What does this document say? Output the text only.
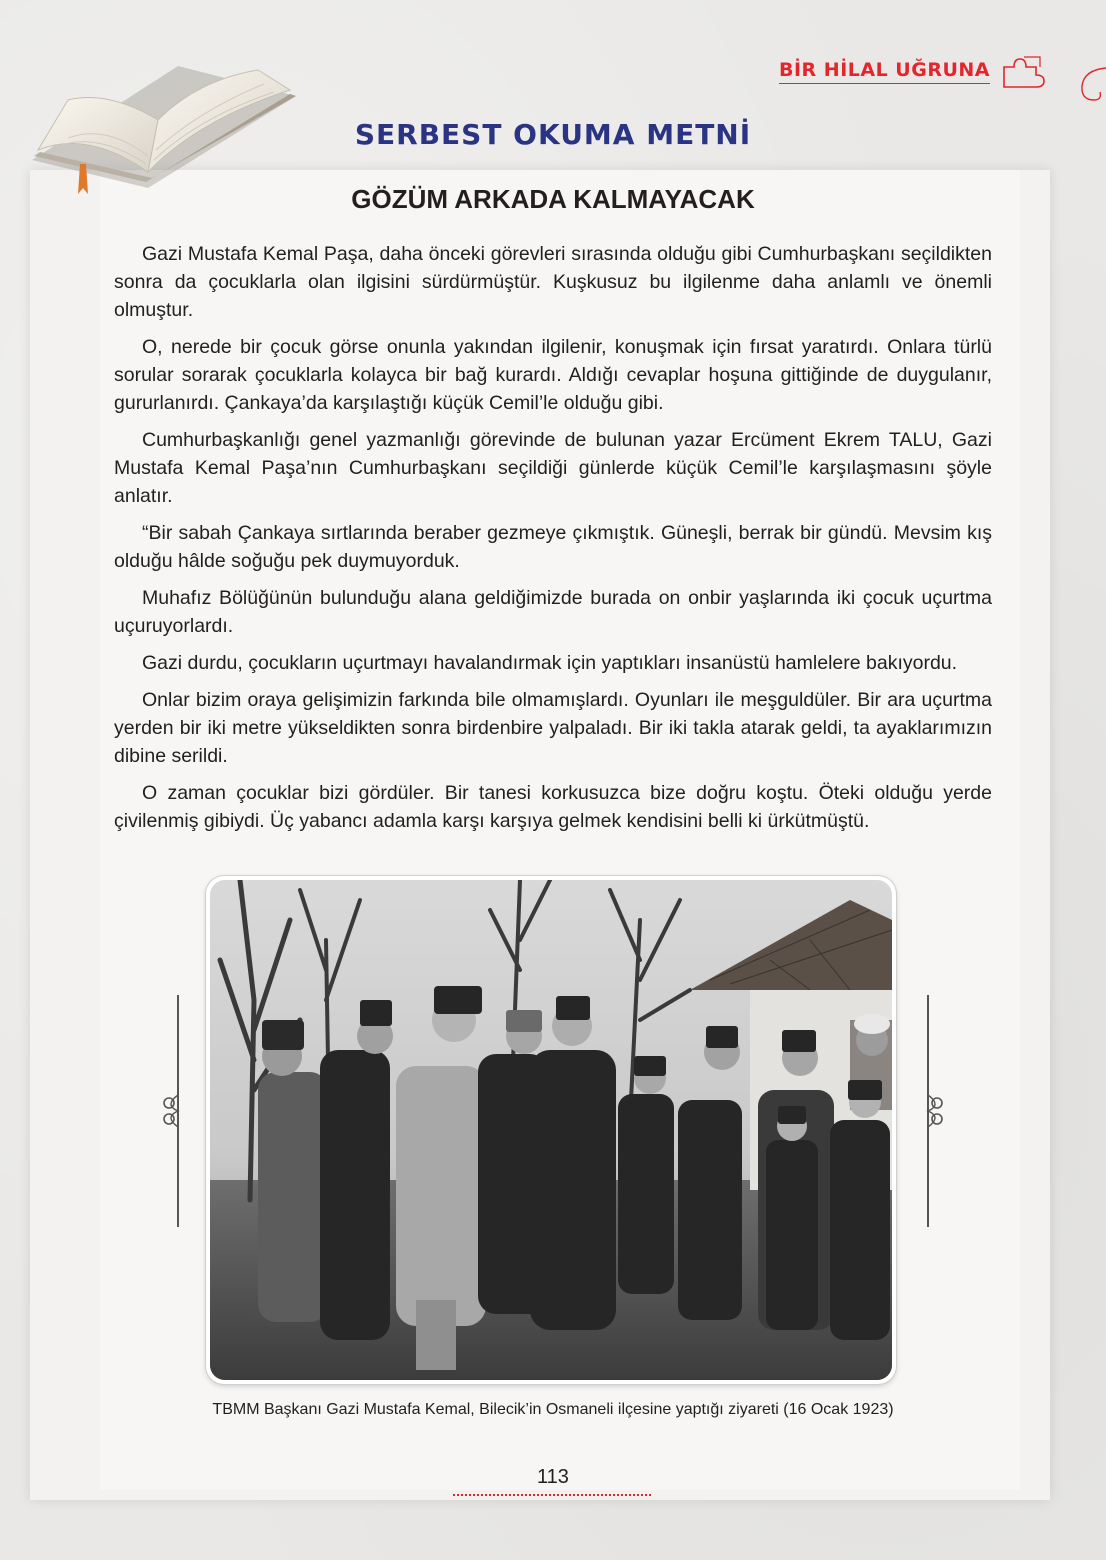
BİR HİLAL UĞRUNA
SERBEST OKUMA METNİ
GÖZÜM ARKADA KALMAYACAK

Gazi Mustafa Kemal Paşa, daha önceki görevleri sırasında olduğu gibi Cumhurbaşkanı seçildikten sonra da çocuklarla olan ilgisini sürdürmüştür. Kuşkusuz bu ilgilenme daha anlamlı ve önemli olmuştur.

O, nerede bir çocuk görse onunla yakından ilgilenir, konuşmak için fırsat yaratırdı. Onlara türlü sorular sorarak çocuklarla kolayca bir bağ kurardı. Aldığı cevaplar hoşuna gittiğinde de duygulanır, gururlanırdı. Çankaya’da karşılaştığı küçük Cemil’le olduğu gibi.

Cumhurbaşkanlığı genel yazmanlığı görevinde de bulunan yazar Ercüment Ekrem TALU, Gazi Mustafa Kemal Paşa’nın Cumhurbaşkanı seçildiği günlerde küçük Cemil’le karşılaşmasını şöyle anlatır.

“Bir sabah Çankaya sırtlarında beraber gezmeye çıkmıştık. Güneşli, berrak bir gündü. Mevsim kış olduğu hâlde soğuğu pek duymuyorduk.

Muhafız Bölüğünün bulunduğu alana geldiğimizde burada on onbir yaşlarında iki çocuk uçurtma uçuruyorlardı.

Gazi durdu, çocukların uçurtmayı havalandırmak için yaptıkları insanüstü hamlelere bakıyordu.

Onlar bizim oraya gelişimizin farkında bile olmamışlardı. Oyunları ile meşguldüler. Bir ara uçurtma yerden bir iki metre yükseldikten sonra birdenbire yalpaladı. Bir iki takla atarak geldi, ta ayaklarımızın dibine serildi.

O zaman çocuklar bizi gördüler. Bir tanesi korkusuzca bize doğru koştu. Öteki olduğu yerde çivilenmiş gibiydi. Üç yabancı adamla karşı karşıya gelmek kendisini belli ki ürkütmüştü.

TBMM Başkanı Gazi Mustafa Kemal, Bilecik’in Osmaneli ilçesine yaptığı ziyareti (16 Ocak 1923)
113
